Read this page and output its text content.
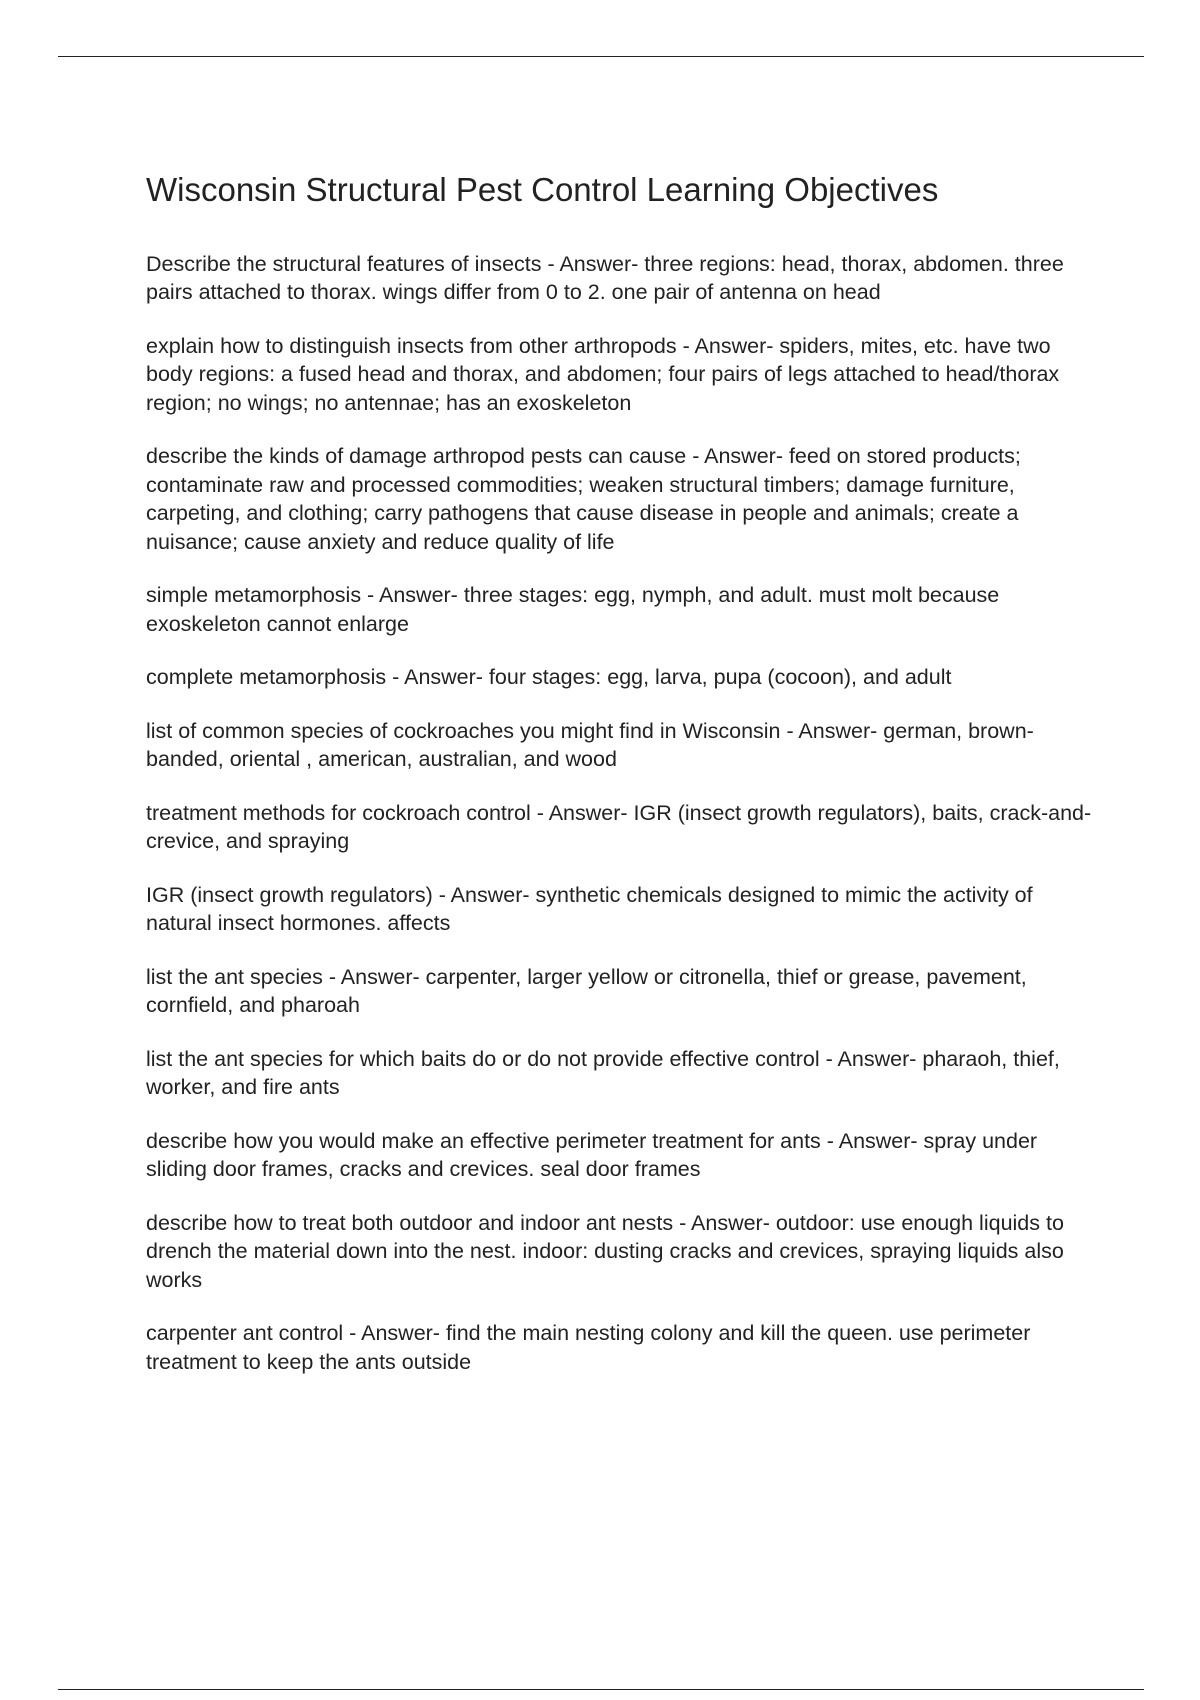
Wisconsin Structural Pest Control Learning Objectives
Describe the structural features of insects - Answer- three regions: head, thorax, abdomen. three pairs attached to thorax. wings differ from 0 to 2. one pair of antenna on head
explain how to distinguish insects from other arthropods - Answer- spiders, mites, etc. have two body regions: a fused head and thorax, and abdomen; four pairs of legs attached to head/thorax region; no wings; no antennae; has an exoskeleton
describe the kinds of damage arthropod pests can cause - Answer- feed on stored products; contaminate raw and processed commodities; weaken structural timbers; damage furniture, carpeting, and clothing; carry pathogens that cause disease in people and animals; create a nuisance; cause anxiety and reduce quality of life
simple metamorphosis - Answer- three stages: egg, nymph, and adult. must molt because exoskeleton cannot enlarge
complete metamorphosis - Answer- four stages: egg, larva, pupa (cocoon), and adult
list of common species of cockroaches you might find in Wisconsin - Answer- german, brown-banded, oriental , american, australian, and wood
treatment methods for cockroach control - Answer- IGR (insect growth regulators), baits, crack-and-crevice, and spraying
IGR (insect growth regulators) - Answer- synthetic chemicals designed to mimic the activity of natural insect hormones. affects
list the ant species - Answer- carpenter, larger yellow or citronella, thief or grease, pavement, cornfield, and pharoah
list the ant species for which baits do or do not provide effective control - Answer- pharaoh, thief, worker, and fire ants
describe how you would make an effective perimeter treatment for ants - Answer- spray under sliding door frames, cracks and crevices. seal door frames
describe how to treat both outdoor and indoor ant nests - Answer- outdoor: use enough liquids to drench the material down into the nest. indoor: dusting cracks and crevices, spraying liquids also works
carpenter ant control - Answer- find the main nesting colony and kill the queen. use perimeter treatment to keep the ants outside
